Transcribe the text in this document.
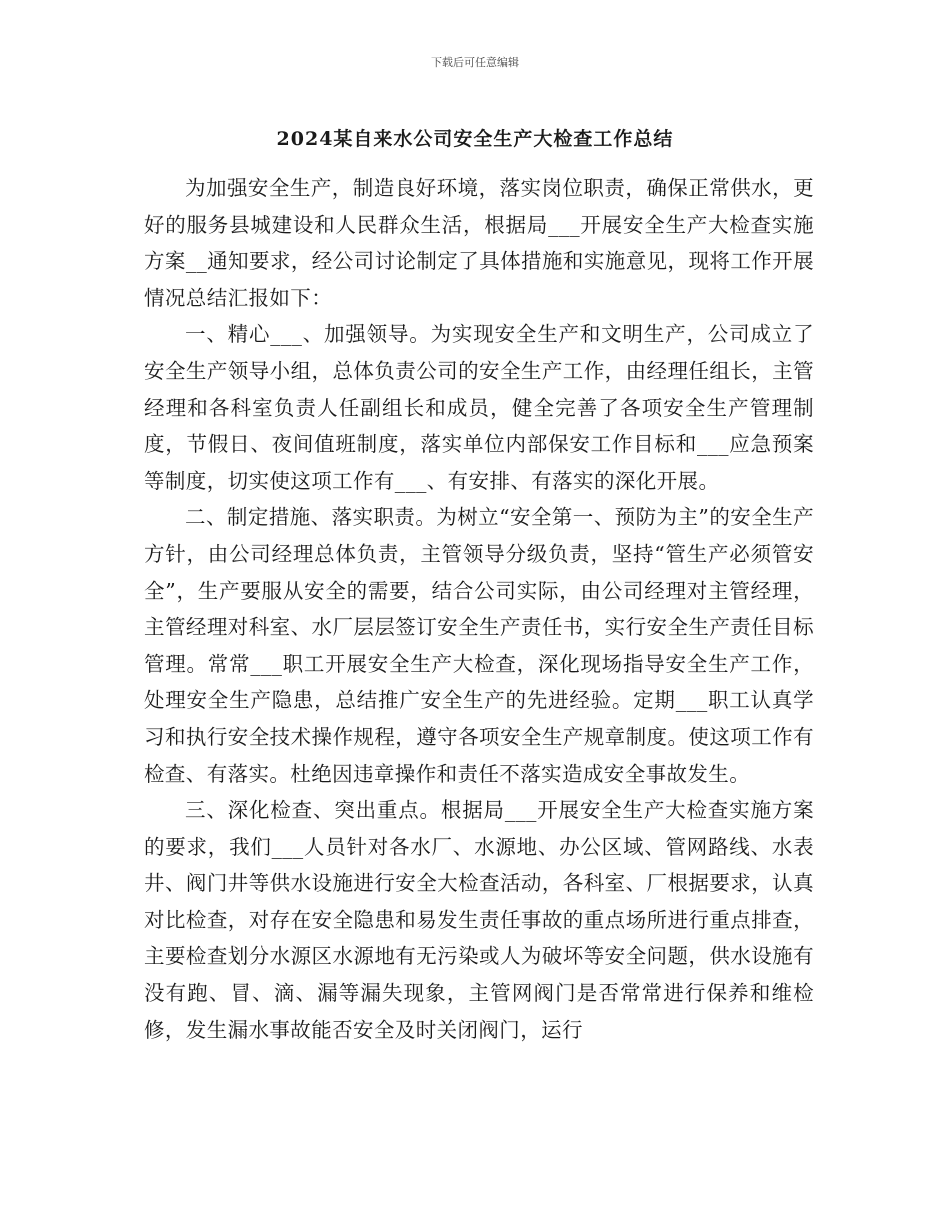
下载后可任意编辑
2024某自来水公司安全生产大检查工作总结

为加强安全生产，制造良好环境，落实岗位职责，确保正常供水，更好的服务县城建设和人民群众生活，根据局___开展安全生产大检查实施方案__通知要求，经公司讨论制定了具体措施和实施意见，现将工作开展情况总结汇报如下：

一、精心___、加强领导。为实现安全生产和文明生产，公司成立了安全生产领导小组，总体负责公司的安全生产工作，由经理任组长，主管经理和各科室负责人任副组长和成员，健全完善了各项安全生产管理制度，节假日、夜间值班制度，落实单位内部保安工作目标和___应急预案等制度，切实使这项工作有___、有安排、有落实的深化开展。

二、制定措施、落实职责。为树立“安全第一、预防为主”的安全生产方针，由公司经理总体负责，主管领导分级负责，坚持“管生产必须管安全”，生产要服从安全的需要，结合公司实际，由公司经理对主管经理，主管经理对科室、水厂层层签订安全生产责任书，实行安全生产责任目标管理。常常___职工开展安全生产大检查，深化现场指导安全生产工作，处理安全生产隐患，总结推广安全生产的先进经验。定期___职工认真学习和执行安全技术操作规程，遵守各项安全生产规章制度。使这项工作有检查、有落实。杜绝因违章操作和责任不落实造成安全事故发生。

三、深化检查、突出重点。根据局___开展安全生产大检查实施方案的要求，我们___人员针对各水厂、水源地、办公区域、管网路线、水表井、阀门井等供水设施进行安全大检查活动，各科室、厂根据要求，认真对比检查，对存在安全隐患和易发生责任事故的重点场所进行重点排查，主要检查划分水源区水源地有无污染或人为破坏等安全问题，供水设施有没有跑、冒、滴、漏等漏失现象，主管网阀门是否常常进行保养和维检修，发生漏水事故能否安全及时关闭阀门，运行
